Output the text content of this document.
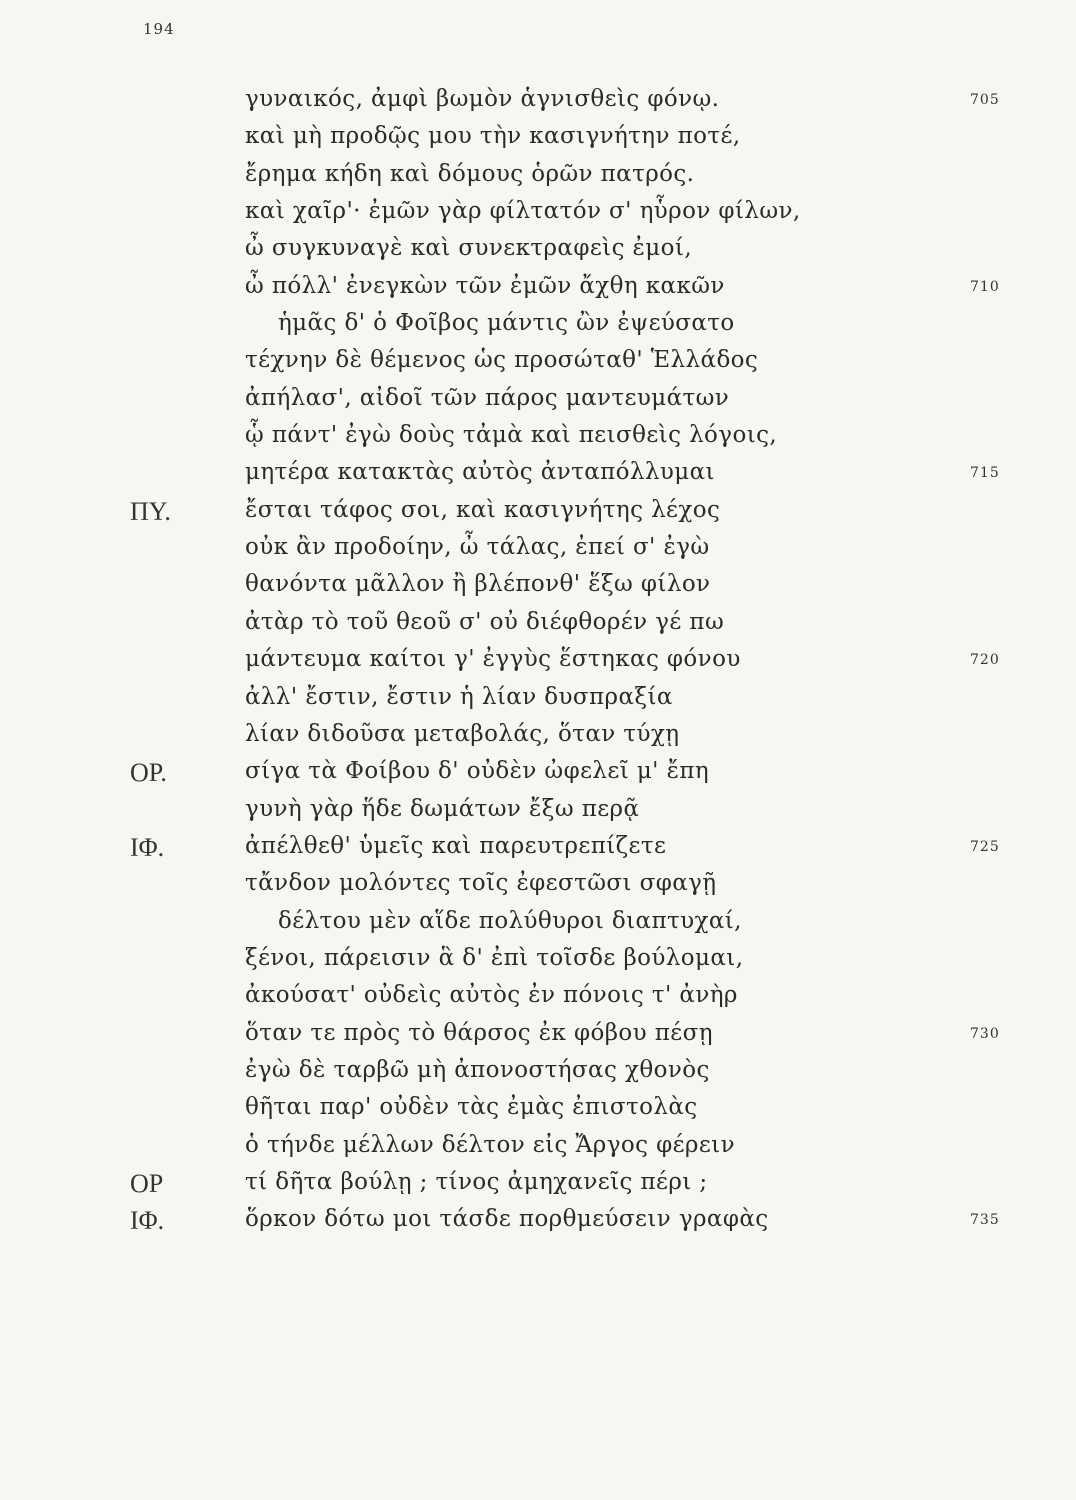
194
γυναικός, ἀμφὶ βωμὸν ἁγνισθεὶς φόνῳ.	705
καὶ μὴ προδῷς μου τὴν κασιγνήτην ποτέ,
ἔρημα κήδη καὶ δόμους ὁρῶν πατρός.
καὶ χαῖρ'· ἐμῶν γὰρ φίλτατόν σ' ηὗρον φίλων,
ὦ συγκυναγὲ καὶ συνεκτραφεὶς ἐμοί,
ὦ πόλλ' ἐνεγκὼν τῶν ἐμῶν ἄχθη κακῶν	710
ἡμᾶς δ' ὁ Φοῖβος μάντις ὢν ἐψεύσατο
τέχνην δὲ θέμενος ὡς προσώταθ' Ἑλλάδος
ἀπήλασ', αἰδοῖ τῶν πάρος μαντευμάτων
ᾧ πάντ' ἐγὼ δοὺς τἀμὰ καὶ πεισθεὶς λόγοις,
μητέρα κατακτὰς αὐτὸς ἀνταπόλλυμαι	715
ΠΥ.	ἔσται τάφος σοι, καὶ κασιγνήτης λέχος
οὐκ ἂν προδοίην, ὦ τάλας, ἐπεί σ' ἐγὼ
θανόντα μᾶλλον ἢ βλέπονθ' ἕξω φίλον
ἀτὰρ τὸ τοῦ θεοῦ σ' οὐ διέφθορέν γέ πω
μάντευμα καίτοι γ' ἐγγὺς ἕστηκας φόνου	720
ἀλλ' ἔστιν, ἔστιν ἡ λίαν δυσπραξία
λίαν διδοῦσα μεταβολάς, ὅταν τύχῃ
ΟΡ.	σίγα τὰ Φοίβου δ' οὐδὲν ὠφελεῖ μ' ἔπη
γυνὴ γὰρ ἥδε δωμάτων ἔξω περᾷ
ΙΦ.	ἀπέλθεθ' ὑμεῖς καὶ παρευτρεπίζετε	725
τἄνδον μολόντες τοῖς ἐφεστῶσι σφαγῇ
δέλτου μὲν αἵδε πολύθυροι διαπτυχαί,
ξένοι, πάρεισιν ἃ δ' ἐπὶ τοῖσδε βούλομαι,
ἀκούσατ' οὐδεὶς αὐτὸς ἐν πόνοις τ' ἀνὴρ
ὅταν τε πρὸς τὸ θάρσος ἐκ φόβου πέσῃ	730
ἐγὼ δὲ ταρβῶ μὴ ἀπονοστήσας χθονὸς
θῆται παρ' οὐδὲν τὰς ἐμὰς ἐπιστολὰς
ὁ τήνδε μέλλων δέλτον εἰς Ἄργος φέρειν
ΟΡ	τί δῆτα βούλῃ ; τίνος ἀμηχανεῖς πέρι ;
ΙΦ.	ὅρκον δότω μοι τάσδε πορθμεύσειν γραφὰς	735
